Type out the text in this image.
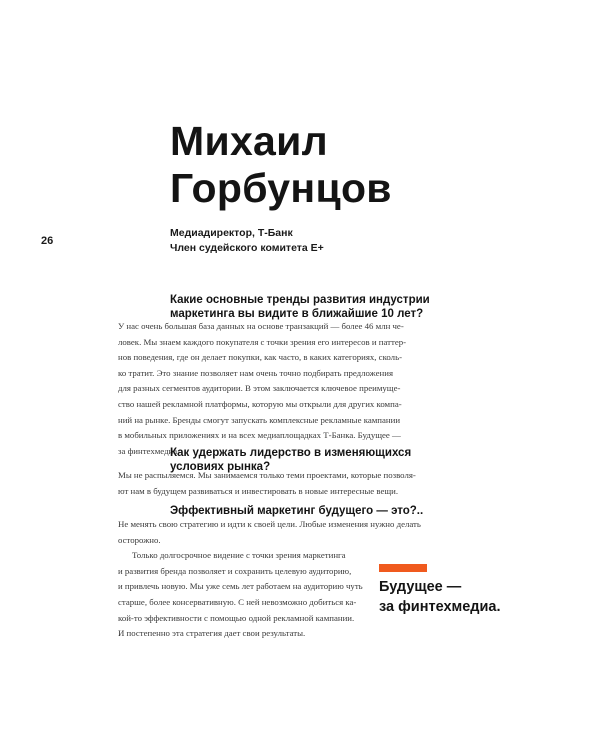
Михаил
Горбунцов
Медиадиректор, Т-Банк
Член судейского комитета E+
26
Какие основные тренды развития индустрии
маркетинга вы видите в ближайшие 10 лет?
У нас очень большая база данных на основе транзакций — более 46 млн че-
ловек. Мы знаем каждого покупателя с точки зрения его интересов и паттер-
нов поведения, где он делает покупки, как часто, в каких категориях, сколь-
ко тратит. Это знание позволяет нам очень точно подбирать предложения
для разных сегментов аудитории. В этом заключается ключевое преимуще-
ство нашей рекламной платформы, которую мы открыли для других компа-
ний на рынке. Бренды смогут запускать комплексные рекламные кампании
в мобильных приложениях и на всех медиаплощадках Т-Банка. Будущее —
за финтехмедиа.
Как удержать лидерство в изменяющихся
условиях рынка?
Мы не распыляемся. Мы занимаемся только теми проектами, которые позволя-
ют нам в будущем развиваться и инвестировать в новые интересные вещи.
Эффективный маркетинг будущего — это?..
Не менять свою стратегию и идти к своей цели. Любые изменения нужно делать
осторожно.
Только долгосрочное видение с точки зрения маркетинга
и развития бренда позволяет и сохранить целевую аудиторию,
и привлечь новую. Мы уже семь лет работаем на аудиторию чуть
старше, более консервативную. С ней невозможно добиться ка-
кой-то эффективности с помощью одной рекламной кампании.
И постепенно эта стратегия дает свои результаты.
Будущее —
за финтехмедиа.
